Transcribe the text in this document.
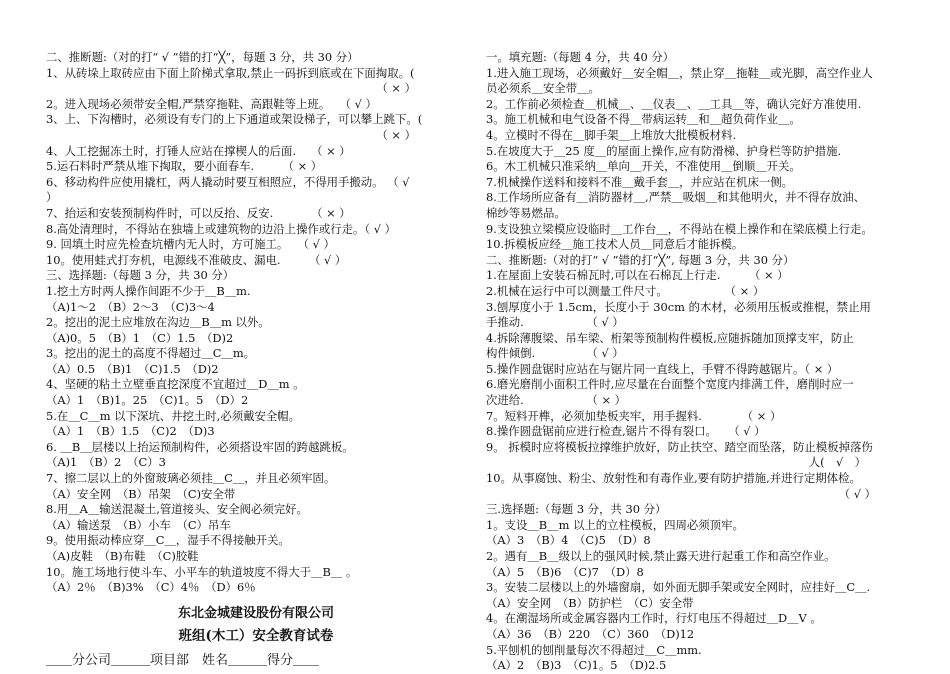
二、推断题:（对的打“ √ ”错的打“╳”，每题 3 分，共 30 分）

1、从砖垛上取砖应由下面上阶梯式拿取,禁止一码拆到底或在下面掏取。(

（ × ）

2。进入现场必须带安全帽,严禁穿拖鞋、高跟鞋等上班。　 （ √ ）

3、上、下沟槽时，必须设有专门的上下通道或架设梯子，可以攀上跳下。(

（ × ）

4、人工挖掘冻土时，打锤人应站在撑楔人的后面.　 （ × ）

5.运石料时严禁从堆下掏取，要小面春车.　　　（ × ）

6、移动构件应使用撬杠，两人撬动时要互相照应，不得用手搬动。 （ √

）

7、抬运和安装预制构件时，可以反抬、反安.　　　 （ × ）

8.高处清理时，不得站在独墙上或建筑物的边沿上操作或行走。（ √ ）

9. 回填土时应先检查坑槽内无人时，方可施工。　 （ √ ）

10。使用蛙式打夯机，电源线不准破皮、漏电.　　　（ √ ）

三、选择题:（每题 3 分，共 30 分）

1.挖土方时两人操作间距不少于＿B＿m.

（A)1～2　（B）2～3　（C)3～4

2。挖出的泥土应堆放在沟边＿B＿m 以外。

（A)0。5　（B）1　（C）1.5　（D)2

3。挖出的泥土的高度不得超过＿C＿m。

（A）0.5　（B)1　（C)1.5　（D)2

4、坚硬的粘土立壁垂直挖深度不宜超过＿D＿m 。

（A）1　（B)1。25　（C)1。5　（D）2

5.在＿C＿m 以下深坑、井挖土时,必须戴安全帽。

（A）1　（B）1.5　（C)2　（D)3

6. ＿B＿层楼以上抬运预制构件，必须搭设牢固的跨越跳板。

（A)1　（B）2　（C）3

7、擦二层以上的外窗玻璃必须挂＿C＿，并且必须牢固。

（A）安全网　（B）吊架　（C)安全带

8.用＿A＿输送混凝土,管道接头、安全阀必须完好。

（A）输送泵　（B）小车　（C）吊车

9。使用振动棒应穿＿C＿，湿手不得接触开关。

（A)皮鞋　（B)布鞋　（C)胶鞋

10。施工场地行使斗车、小平车的轨道坡度不得大于＿B＿ 。

（A）2％　（B)3%　（C）4％　（D）6％

东北金城建设股份有限公司
班组(木工）安全教育试卷
＿＿分公司＿＿＿项目部　姓名＿＿＿得分＿＿

一。填充题:（每题 4 分，共 40 分）

1.进入施工现场，必须戴好＿安全帽＿，禁止穿＿拖鞋＿或光脚，高空作业人

员必须系＿安全带＿。

2。工作前必须检查＿机械＿、＿仪表＿、＿工具＿等，确认完好方准使用.

3。施工机械和电气设备不得＿带病运转＿和＿超负荷作业＿。

4。立模时不得在＿脚手架＿上堆放大批模板材料.

5.在坡度大于＿25 度＿的屋面上操作,应有防滑梯、护身栏等防护措施.

6。木工机械只准采纳＿单向＿开关，不准使用＿倒顺＿开关。

7.机械操作送料和接料不准＿戴手套＿，并应站在机床一侧。

8.工作场所应备有＿消防器材＿,严禁＿吸烟＿和其他明火，并不得存放油、

棉纱等易燃品。

9.支设独立梁模应设临时＿工作台＿，不得站在模上操作和在梁底模上行走。

10.拆模板应经＿施工技术人员＿同意后才能拆模。

二、推断题:（对的打“ √ ”错的打“╳”, 每题 3 分，共 30 分）

1.在屋面上安装石棉瓦时,可以在石棉瓦上行走.　　　（ × ）

2.机械在运行中可以测量工件尺寸。　　　　　　（ × ）

3.刨厚度小于 1.5cm，长度小于 30cm 的木材，必须用压板或推棍，禁止用

手推动.　　　　　　（ √ ）

4.拆除薄腹梁、吊车梁、桁架等预制构件模板,应随拆随加顶撑支牢，防止

构件倾倒.　　　　　（ √ ）

5.操作圆盘锯时应站在与锯片同一直线上，手臂不得跨越锯片。（ × ）

6.磨光磨削小面积工件时,应尽量在台面整个宽度内排满工件，磨削时应一

次进给.　　　　　　（ × ）

7。短料开榫，必须加垫板夹牢，用手握料.　　　　（ × ）

8.操作圆盘锯前应进行检查,锯片不得有裂口。　　（ √ ）

9。 拆模时应将模板拉撑维护放好，防止扶空、踏空而坠落，防止模板掉落伤

人(　√　）

10。从事腐蚀、粉尘、放射性和有毒作业,要有防护措施,并进行定期体检。

（ √ ）

三.选择题:（每题 3 分，共 30 分）

1。支设＿B＿m 以上的立柱模板，四周必须顶牢。

（A）3　（B）4　（C)5　（D）8

2。遇有＿B＿级以上的强风时候,禁止露天进行起重工作和高空作业。

（A）5　（B)6　（C)7　（D）8

3。安装二层楼以上的外墙窗扇，如外面无脚手架或安全网时，应挂好＿C＿.

（A）安全网　（B）防护栏　（C）安全带

4。在潮湿场所或金属容器内工作时，行灯电压不得超过＿D＿V 。

（A）36　（B）220　（C）360　（D)12

5.平刨机的刨削量每次不得超过＿C＿mm.

（A）2　（B)3　（C)1。5　（D)2.5
